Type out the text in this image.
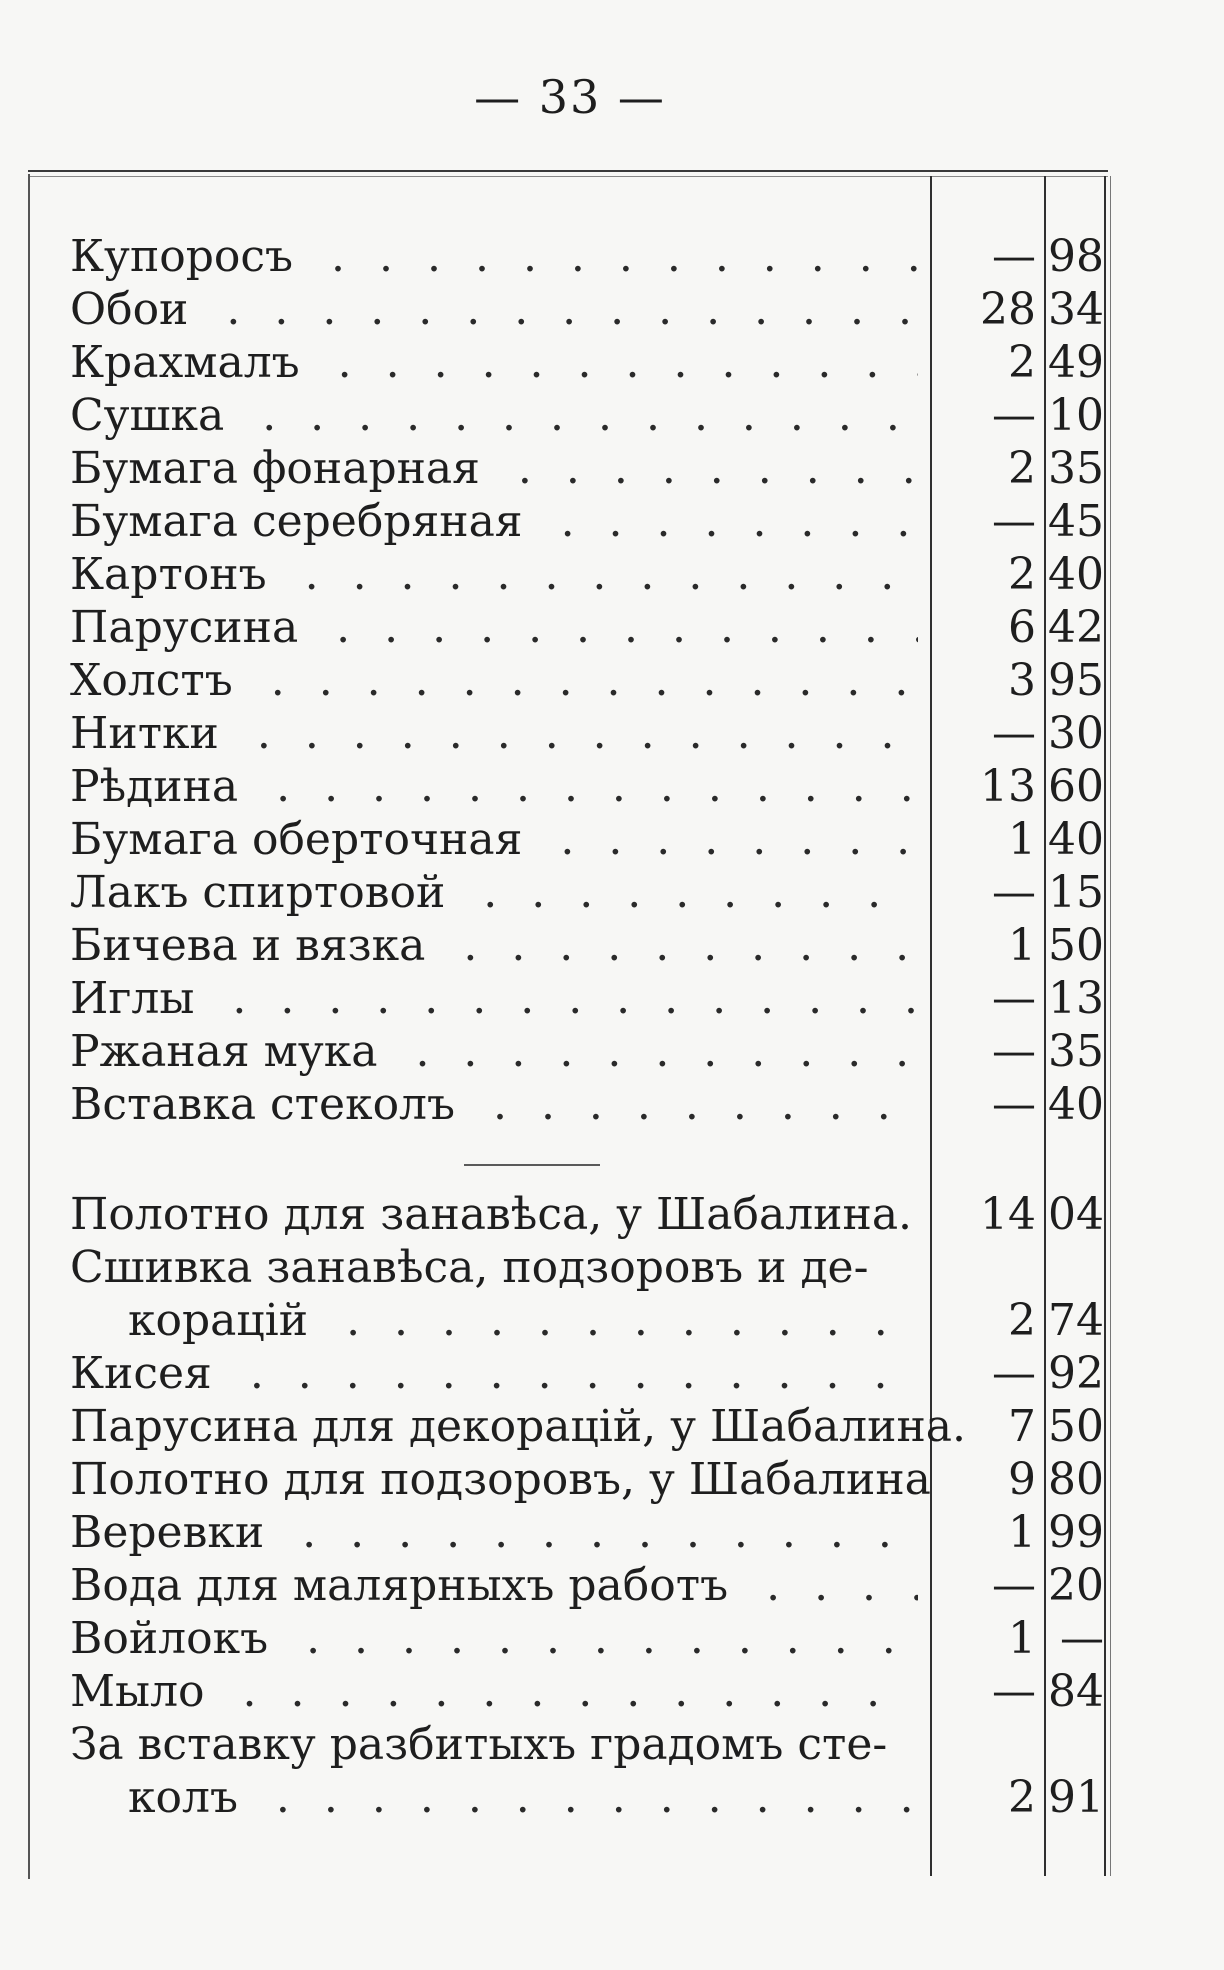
— 33 —
Купоросъ . . .	— 98
Обои . . .	28 34
Крахмалъ . . .	2 49
Сушка . . .	— 10
Бумага фонарная . . .	2 35
Бумага серебряная . . .	— 45
Картонъ . . .	2 40
Парусина . . .	6 42
Холстъ . . .	3 95
Нитки . . .	— 30
Рѣдина . . .	13 60
Бумага оберточная . . .	1 40
Лакъ спиртовой . . .	— 15
Бичева и вязка . . .	1 50
Иглы . . .	— 13
Ржаная мука . . .	— 35
Вставка стеколъ . . .	— 40
Полотно для занавѣса, у Шабалина.	14 04
Сшивка занавѣса, подзоровъ и де-
корацій . . .	2 74
Кисея . . .	— 92
Парусина для декорацій, у Шабалина. 7 50
Полотно для подзоровъ, у Шабалина	9 80
Веревки . . .	1 99
Вода для малярныхъ работъ . . .	— 20
Войлокъ . . .	1 —
Мыло . . .	— 84
За вставку разбитыхъ градомъ сте-
колъ . . .	2 91
